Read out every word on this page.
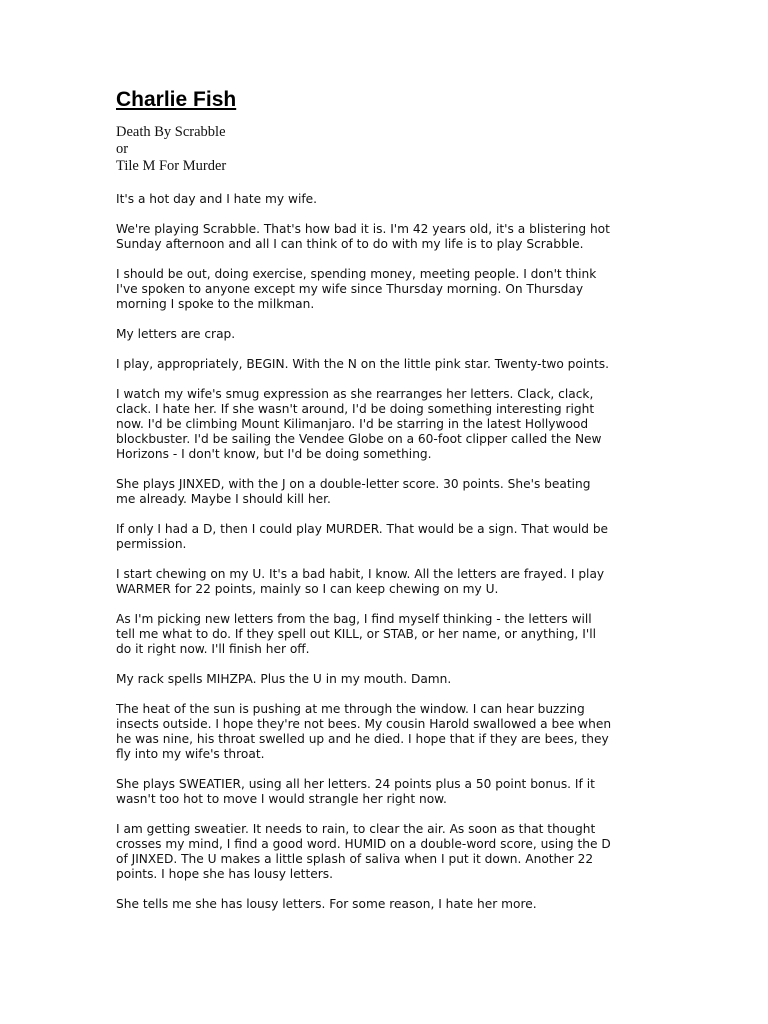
Charlie Fish
Death By Scrabble
or
Tile M For Murder
It's a hot day and I hate my wife.
We're playing Scrabble. That's how bad it is. I'm 42 years old, it's a blistering hot
Sunday afternoon and all I can think of to do with my life is to play Scrabble.
I should be out, doing exercise, spending money, meeting people. I don't think
I've spoken to anyone except my wife since Thursday morning. On Thursday
morning I spoke to the milkman.
My letters are crap.
I play, appropriately, BEGIN. With the N on the little pink star. Twenty-two points.
I watch my wife's smug expression as she rearranges her letters. Clack, clack,
clack. I hate her. If she wasn't around, I'd be doing something interesting right
now. I'd be climbing Mount Kilimanjaro. I'd be starring in the latest Hollywood
blockbuster. I'd be sailing the Vendee Globe on a 60-foot clipper called the New
Horizons - I don't know, but I'd be doing something.
She plays JINXED, with the J on a double-letter score. 30 points. She's beating
me already. Maybe I should kill her.
If only I had a D, then I could play MURDER. That would be a sign. That would be
permission.
I start chewing on my U. It's a bad habit, I know. All the letters are frayed. I play
WARMER for 22 points, mainly so I can keep chewing on my U.
As I'm picking new letters from the bag, I find myself thinking - the letters will
tell me what to do. If they spell out KILL, or STAB, or her name, or anything, I'll
do it right now. I'll finish her off.
My rack spells MIHZPA. Plus the U in my mouth. Damn.
The heat of the sun is pushing at me through the window. I can hear buzzing
insects outside. I hope they're not bees. My cousin Harold swallowed a bee when
he was nine, his throat swelled up and he died. I hope that if they are bees, they
fly into my wife's throat.
She plays SWEATIER, using all her letters. 24 points plus a 50 point bonus. If it
wasn't too hot to move I would strangle her right now.
I am getting sweatier. It needs to rain, to clear the air. As soon as that thought
crosses my mind, I find a good word. HUMID on a double-word score, using the D
of JINXED. The U makes a little splash of saliva when I put it down. Another 22
points. I hope she has lousy letters.
She tells me she has lousy letters. For some reason, I hate her more.
